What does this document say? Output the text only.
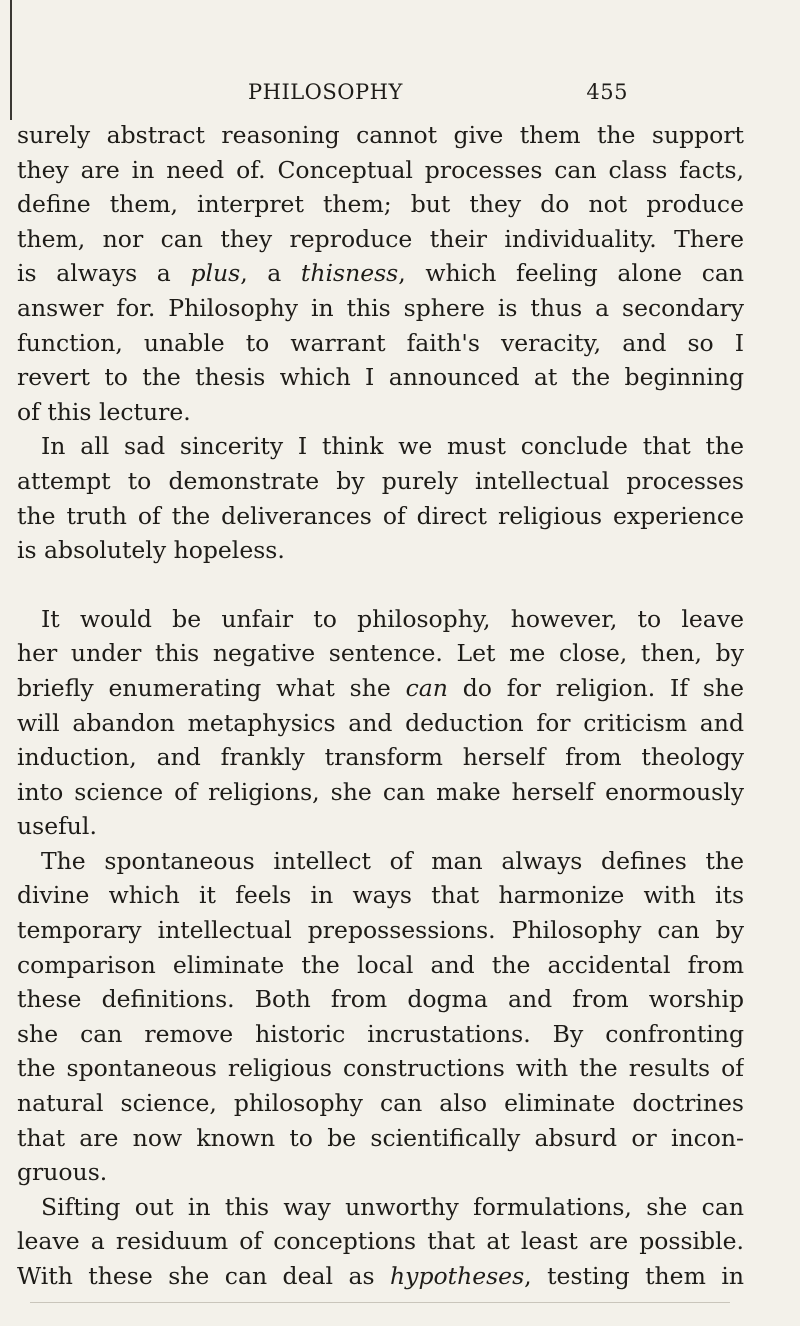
PHILOSOPHY	455
surely abstract reasoning cannot give them the support
they are in need of. Conceptual processes can class facts,
define them, interpret them; but they do not produce
them, nor can they reproduce their individuality. There
is always a plus, a thisness, which feeling alone can
answer for. Philosophy in this sphere is thus a secondary
function, unable to warrant faith's veracity, and so I
revert to the thesis which I announced at the beginning
of this lecture.
In all sad sincerity I think we must conclude that the
attempt to demonstrate by purely intellectual processes
the truth of the deliverances of direct religious experience
is absolutely hopeless.
It would be unfair to philosophy, however, to leave
her under this negative sentence. Let me close, then, by
briefly enumerating what she can do for religion. If she
will abandon metaphysics and deduction for criticism and
induction, and frankly transform herself from theology
into science of religions, she can make herself enormously
useful.
The spontaneous intellect of man always defines the
divine which it feels in ways that harmonize with its
temporary intellectual prepossessions. Philosophy can by
comparison eliminate the local and the accidental from
these definitions. Both from dogma and from worship
she can remove historic incrustations. By confronting
the spontaneous religious constructions with the results of
natural science, philosophy can also eliminate doctrines
that are now known to be scientifically absurd or incon-
gruous.
Sifting out in this way unworthy formulations, she can
leave a residuum of conceptions that at least are possible.
With these she can deal as hypotheses, testing them in
